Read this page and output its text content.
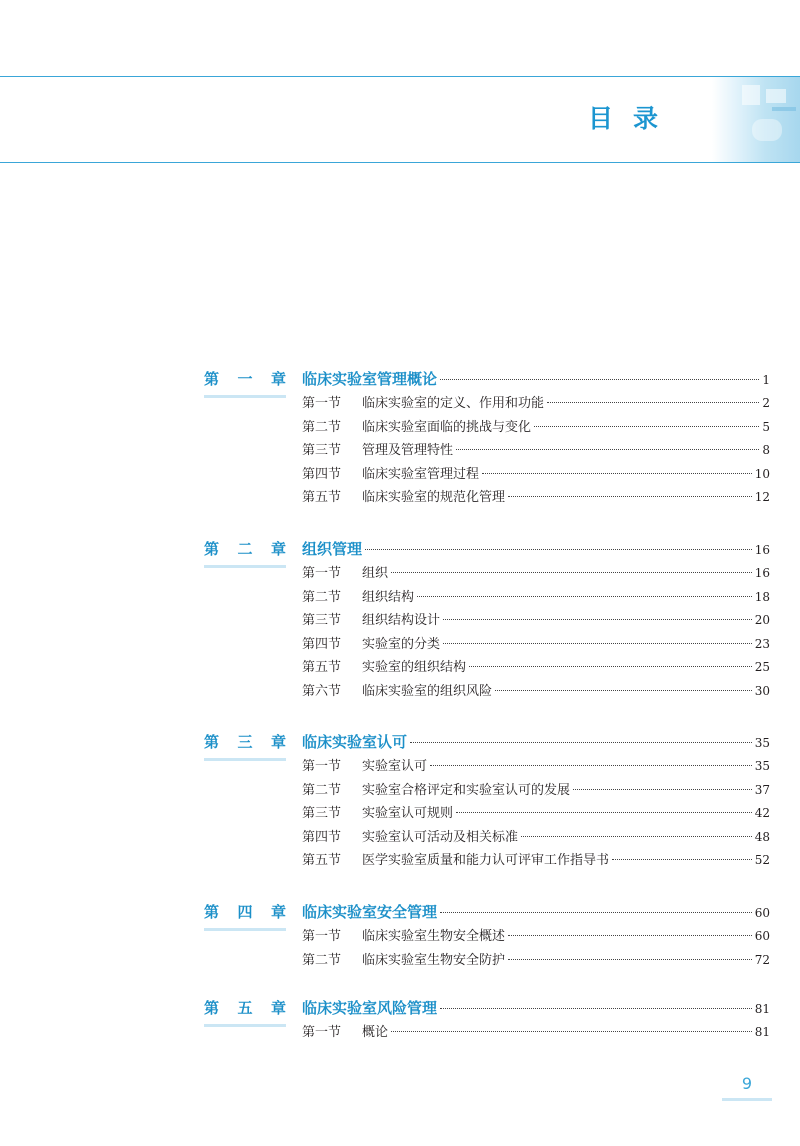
目录
第 一 章 临床实验室管理概论	1
第一节	临床实验室的定义、作用和功能	2
第二节	临床实验室面临的挑战与变化	5
第三节	管理及管理特性	8
第四节	临床实验室管理过程	10
第五节	临床实验室的规范化管理	12
第 二 章 组织管理	16
第一节	组织	16
第二节	组织结构	18
第三节	组织结构设计	20
第四节	实验室的分类	23
第五节	实验室的组织结构	25
第六节	临床实验室的组织风险	30
第 三 章 临床实验室认可	35
第一节	实验室认可	35
第二节	实验室合格评定和实验室认可的发展	37
第三节	实验室认可规则	42
第四节	实验室认可活动及相关标准	48
第五节	医学实验室质量和能力认可评审工作指导书	52
第 四 章 临床实验室安全管理	60
第一节	临床实验室生物安全概述	60
第二节	临床实验室生物安全防护	72
第 五 章 临床实验室风险管理	81
第一节	概论	81
9
